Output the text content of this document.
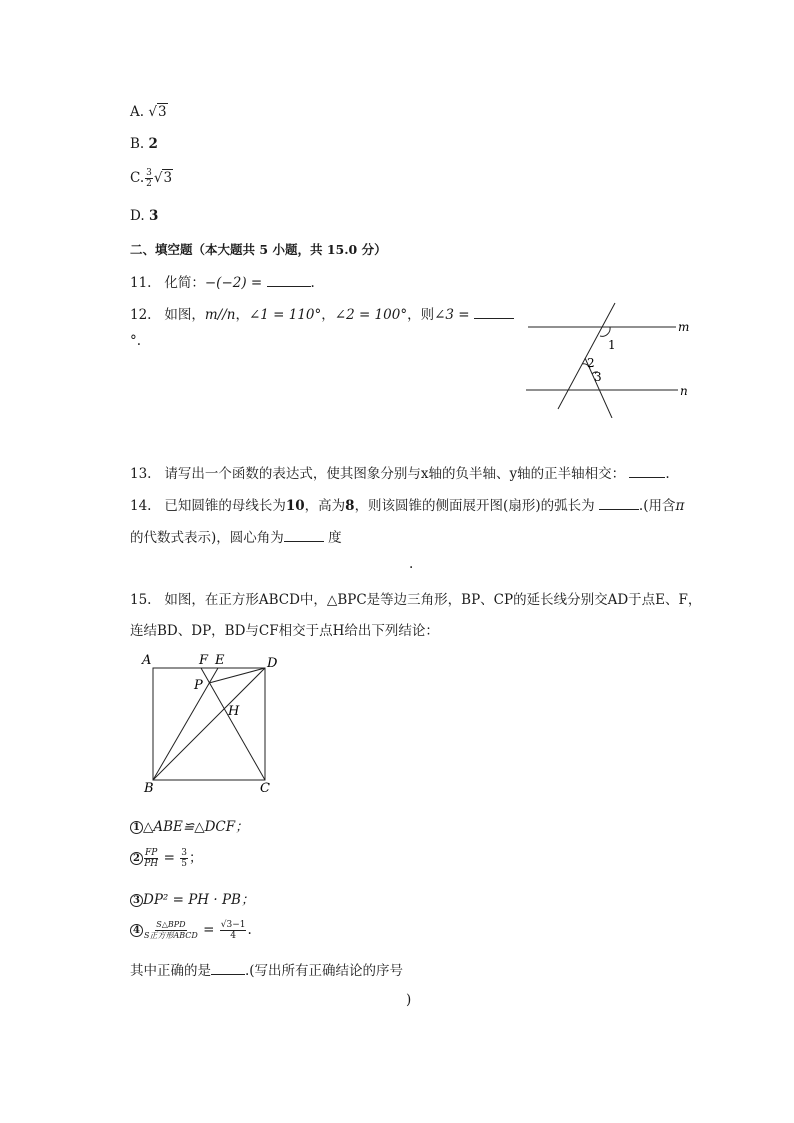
A. √3
B. 2
C. $\frac{3}{2} √3$
D. 3
二、填空题（本大题共 5 小题，共 15.0 分）
11. 化简：−(−2) =	.
12. 如图，m//n，∠1 = 110°，∠2 = 100°，则∠3 =
°.
m
n
1
2
3
13. 请写出一个函数的表达式，使其图象分别与x轴的负半轴、y轴的正半轴相交：	.
14. 已知圆锥的母线长为10，高为8，则该圆锥的侧面展开图(扇形)的弧长为	.(用含π
的代数式表示)，圆心角为	度
.
15. 如图，在正方形ABCD中，△BPC是等边三角形，BP、CP的延长线分别交AD于点E、F，
连结BD、DP，BD与CF相交于点H给出下列结论：
A
B	C
D
E
F
P
H
1 △ABE≌△DCF；
$2 \frac{FP}{PH} = \frac{3}{5}$ ；
3 DP² = PH · PB；
$4 \frac{\text{S△BPD}}{\text{S正方形ABCD}} = \frac{√3-1}{4}$ .
其中正确的是	.(写出所有正确结论的序号
)
